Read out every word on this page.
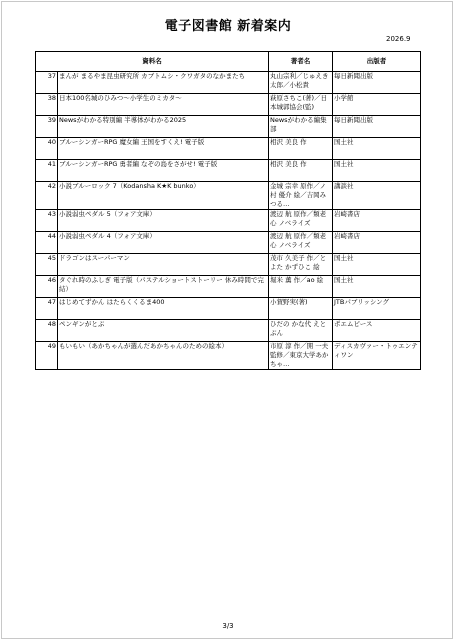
電子図書館 新着案内
2026.9
資料名		著者名	出版者
37	まんが まるやま昆虫研究所 カブトムシ・クワガタのなかまたち	丸山宗利／じゅえき太郎／小松貴	毎日新聞出版
38	日本100名城のひみつ～小学生のミカタ～	萩原さちこ(著)／日本城郭協会(監)	小学館
39	Newsがわかる特別編 半導体がわかる2025	Newsがわかる編集部	毎日新聞出版
40	ブルーシンガーRPG 魔女編 王国をすくえ! 電子版	相沢 美良 作	国土社
41	ブルーシンガーRPG 勇者編 なぞの島をさがせ! 電子版	相沢 美良 作	国土社
42	小説ブルーロック 7（Kodansha K★K bunko）	金城 宗幸 原作／ノ村 優介 絵／吉岡みつる…	講談社
43	小説弱虫ペダル 5（フォア文庫）	渡辺 航 原作／類老 心 ノベライズ	岩崎書店
44	小説弱虫ペダル 4（フォア文庫）	渡辺 航 原作／類老 心 ノベライズ	岩崎書店
45	ドラゴンはスーパーマン	茂市 久美子 作／とよた かずひこ 絵	国土社
46	タぐれ時のふしぎ 電子版（パステルショートストーリー 休み時間で完結）	堀米 薫 作／ao 絵	国土社
47	はじめてずかん はたらくくるま400	小賀野実(著)	JTBパブリッシング
48	ペンギンがとぶ	ひだの かな代 えとぶん	ポエムピース
49	もいもい（あかちゃんが選んだあかちゃんのための絵本）	市原 淳 作／開 一夫 監修／東京大学あかちゃ…	ディスカヴァー・トゥエンティワン
3/3
